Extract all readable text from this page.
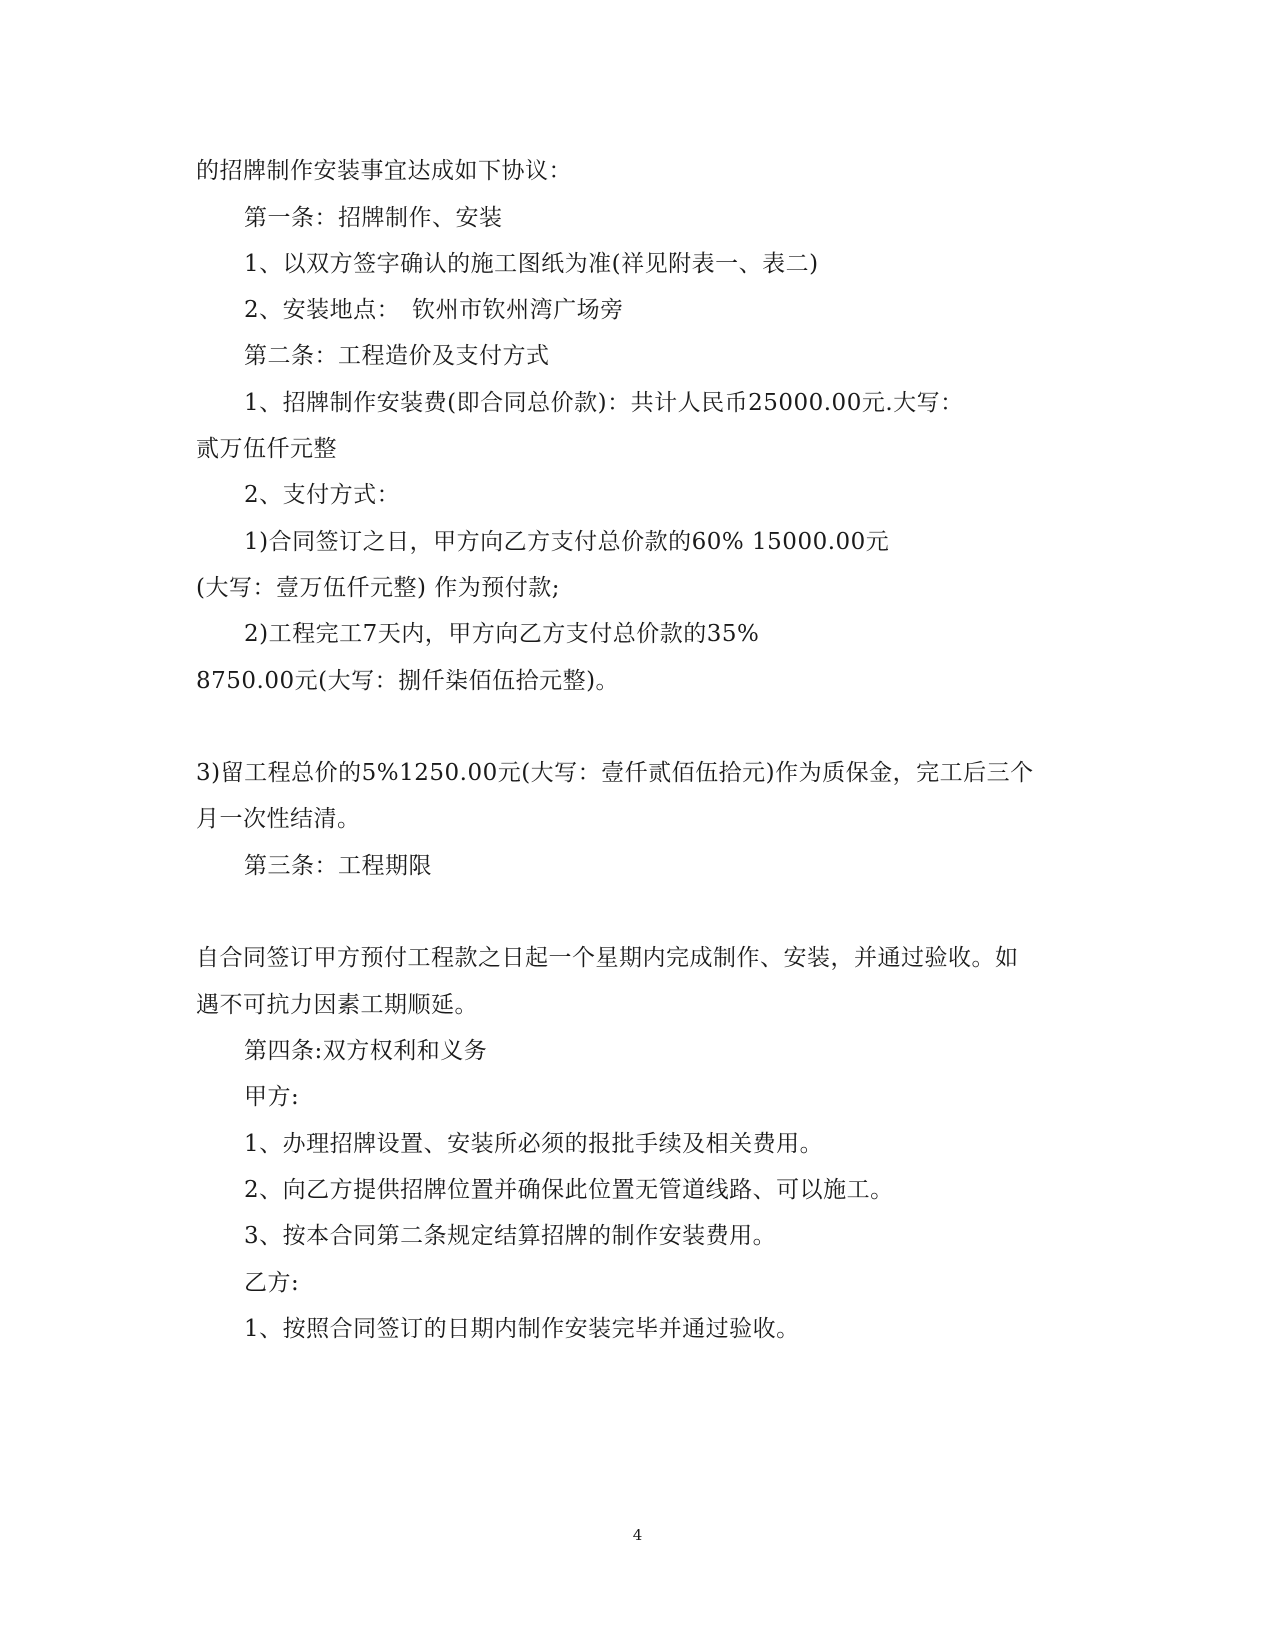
的招牌制作安装事宜达成如下协议：
第一条：招牌制作、安装
1、以双方签字确认的施工图纸为准(祥见附表一、表二)
2、安装地点：　钦州市钦州湾广场旁
第二条：工程造价及支付方式
1、招牌制作安装费(即合同总价款)：共计人民币25000.00元.大写：
贰万伍仟元整
2、支付方式：
1)合同签订之日，甲方向乙方支付总价款的60% 15000.00元
(大写：壹万伍仟元整) 作为预付款;
2)工程完工7天内，甲方向乙方支付总价款的35%
8750.00元(大写：捌仟柒佰伍拾元整)。
3)留工程总价的5%1250.00元(大写：壹仟贰佰伍拾元)作为质保金，完工后三个
月一次性结清。
第三条：工程期限
自合同签订甲方预付工程款之日起一个星期内完成制作、安装，并通过验收。如
遇不可抗力因素工期顺延。
第四条:双方权利和义务
甲方:
1、办理招牌设置、安装所必须的报批手续及相关费用。
2、向乙方提供招牌位置并确保此位置无管道线路、可以施工。
3、按本合同第二条规定结算招牌的制作安装费用。
乙方:
1、按照合同签订的日期内制作安装完毕并通过验收。
4
